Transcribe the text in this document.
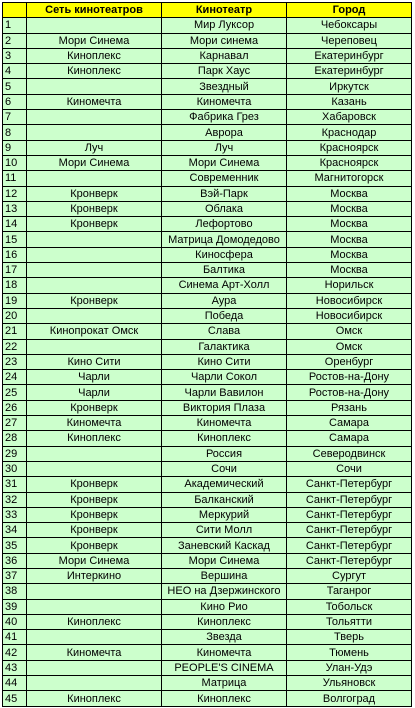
	Сеть кинотеатров	Кинотеатр	Город
1		Мир Луксор	Чебоксары
2	Мори Синема	Мори синема	Череповец
3	Киноплекс	Карнавал	Екатеринбург
4	Киноплекс	Парк Хаус	Екатеринбург
5		Звездный	Иркутск
6	Киномечта	Киномечта	Казань
7		Фабрика Грез	Хабаровск
8		Аврора	Краснодар
9	Луч	Луч	Красноярск
10	Мори Синема	Мори Синема	Красноярск
11		Современник	Магнитогорск
12	Кронверк	Вэй-Парк	Москва
13	Кронверк	Облака	Москва
14	Кронверк	Лефортово	Москва
15		Матрица Домодедово	Москва
16		Киносфера	Москва
17		Балтика	Москва
18		Синема Арт-Холл	Норильск
19	Кронверк	Аура	Новосибирск
20		Победа	Новосибирск
21	Кинопрокат Омск	Слава	Омск
22		Галактика	Омск
23	Кино Сити	Кино Сити	Оренбург
24	Чарли	Чарли Сокол	Ростов-на-Дону
25	Чарли	Чарли Вавилон	Ростов-на-Дону
26	Кронверк	Виктория Плаза	Рязань
27	Киномечта	Киномечта	Самара
28	Киноплекс	Киноплекс	Самара
29		Россия	Северодвинск
30		Сочи	Сочи
31	Кронверк	Академический	Санкт-Петербург
32	Кронверк	Балканский	Санкт-Петербург
33	Кронверк	Меркурий	Санкт-Петербург
34	Кронверк	Сити Молл	Санкт-Петербург
35	Кронверк	Заневский Каскад	Санкт-Петербург
36	Мори Синема	Мори Синема	Санкт-Петербург
37	Интеркино	Вершина	Сургут
38		НЕО на Дзержинского	Таганрог
39		Кино Рио	Тобольск
40	Киноплекс	Киноплекс	Тольятти
41		Звезда	Тверь
42	Киномечта	Киномечта	Тюмень
43		PEOPLE'S CINEMA	Улан-Удэ
44		Матрица	Ульяновск
45	Киноплекс	Киноплекс	Волгоград
